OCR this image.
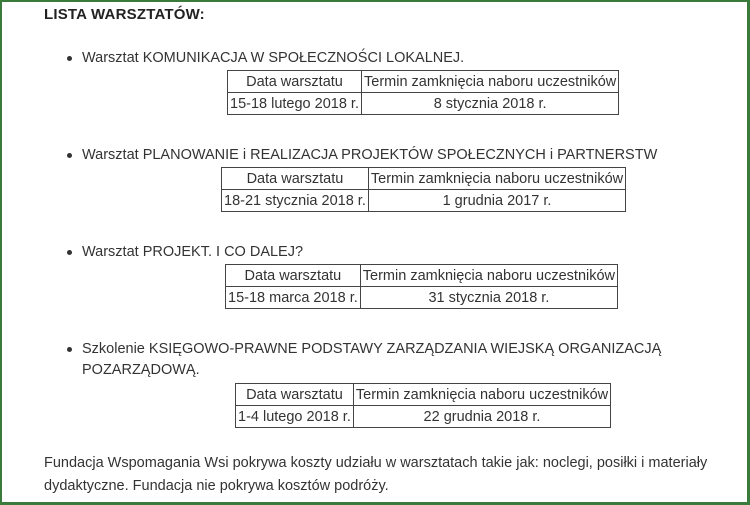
LISTA WARSZTATÓW:
Warsztat KOMUNIKACJA W SPOŁECZNOŚCI LOKALNEJ.
Data warsztatu	Termin zamknięcia naboru uczestników
15-18 lutego 2018 r.	8 stycznia 2018 r.
Warsztat PLANOWANIE i REALIZACJA PROJEKTÓW SPOŁECZNYCH i PARTNERSTW
Data warsztatu	Termin zamknięcia naboru uczestników
18-21 stycznia 2018 r.	1 grudnia 2017 r.
Warsztat PROJEKT. I CO DALEJ?
Data warsztatu	Termin zamknięcia naboru uczestników
15-18 marca 2018 r.	31 stycznia 2018 r.
Szkolenie KSIĘGOWO-PRAWNE PODSTAWY ZARZĄDZANIA WIEJSKĄ ORGANIZACJĄ POZARZĄDOWĄ.
Data warsztatu	Termin zamknięcia naboru uczestników
1-4 lutego 2018 r.	22 grudnia 2018 r.
Fundacja Wspomagania Wsi pokrywa koszty udziału w warsztatach takie jak: noclegi, posiłki i materiały dydaktyczne. Fundacja nie pokrywa kosztów podróży.
